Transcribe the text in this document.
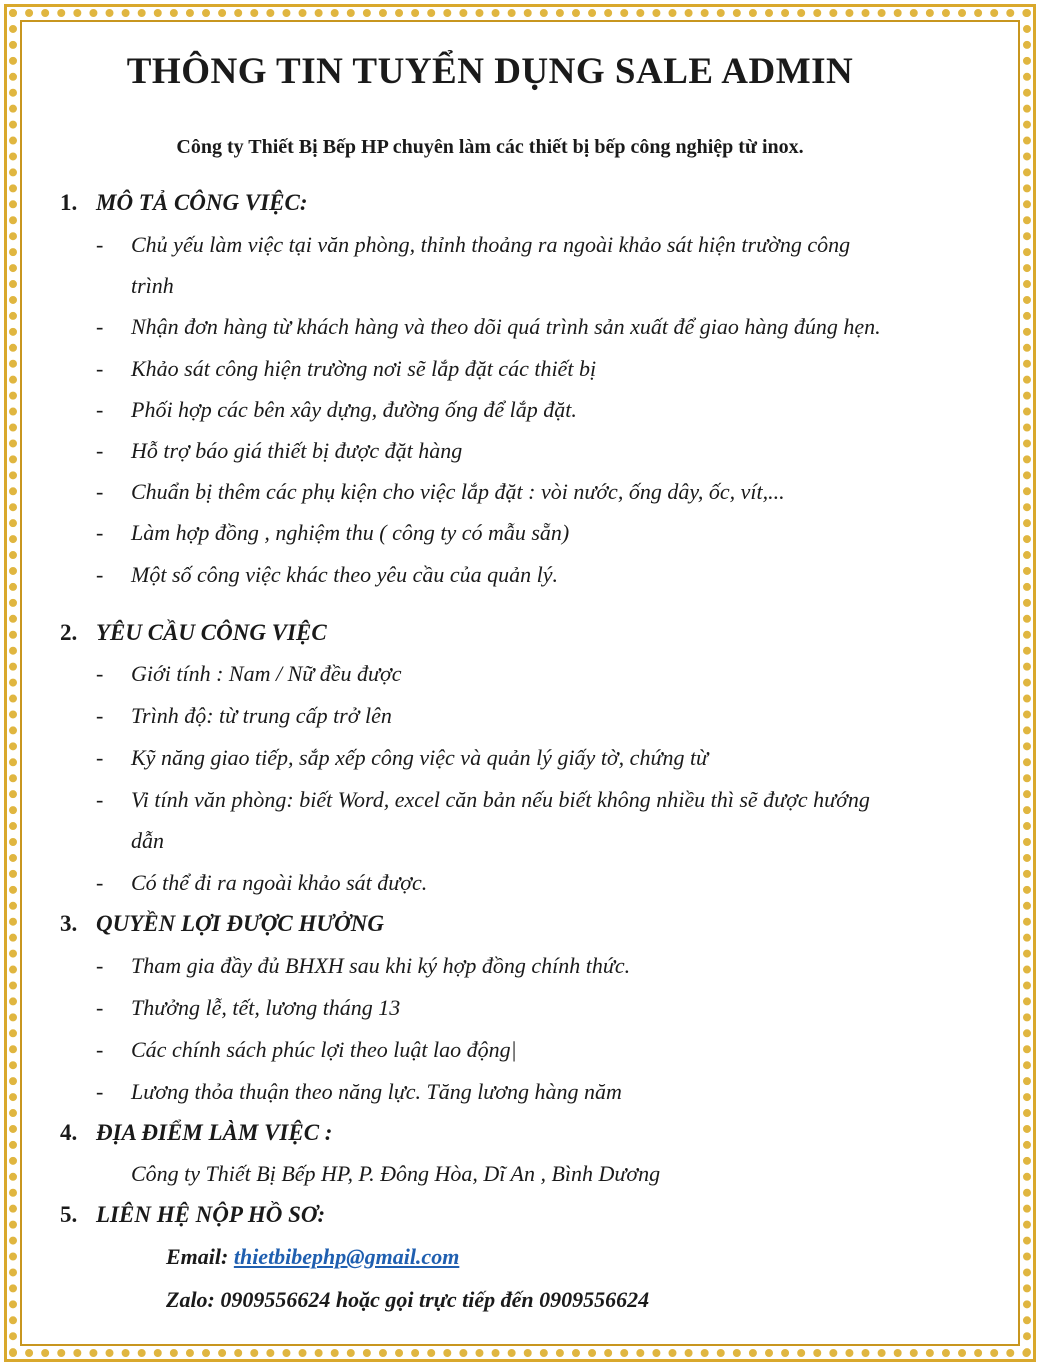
THÔNG TIN TUYỂN DỤNG SALE ADMIN
Công ty Thiết Bị Bếp HP chuyên làm các thiết bị bếp công nghiệp từ inox.
1. MÔ TẢ CÔNG VIỆC:
- Chủ yếu làm việc tại văn phòng, thỉnh thoảng ra ngoài khảo sát hiện trường công
trình
- Nhận đơn hàng từ khách hàng và theo dõi quá trình sản xuất để giao hàng đúng hẹn.
- Khảo sát công hiện trường nơi sẽ lắp đặt các thiết bị
- Phối hợp các bên xây dựng, đường ống để lắp đặt.
- Hỗ trợ báo giá thiết bị được đặt hàng
- Chuẩn bị thêm các phụ kiện cho việc lắp đặt : vòi nước, ống dây, ốc, vít,...
- Làm hợp đồng , nghiệm thu ( công ty có mẫu sẵn)
- Một số công việc khác theo yêu cầu của quản lý.
2. YÊU CẦU CÔNG VIỆC
- Giới tính : Nam / Nữ đều được
- Trình độ: từ trung cấp trở lên
- Kỹ năng giao tiếp, sắp xếp công việc và quản lý giấy tờ, chứng từ
- Vi tính văn phòng: biết Word, excel căn bản nếu biết không nhiều thì sẽ được hướng
dẫn
- Có thể đi ra ngoài khảo sát được.
3. QUYỀN LỢI ĐƯỢC HƯỞNG
- Tham gia đầy đủ BHXH sau khi ký hợp đồng chính thức.
- Thưởng lễ, tết, lương tháng 13
- Các chính sách phúc lợi theo luật lao động|
- Lương thỏa thuận theo năng lực. Tăng lương hàng năm
4. ĐỊA ĐIỂM LÀM VIỆC :
Công ty Thiết Bị Bếp HP, P. Đông Hòa, Dĩ An , Bình Dương
5. LIÊN HỆ NỘP HỒ SƠ:
Email: thietbibephp@gmail.com
Zalo: 0909556624 hoặc gọi trực tiếp đến 0909556624
